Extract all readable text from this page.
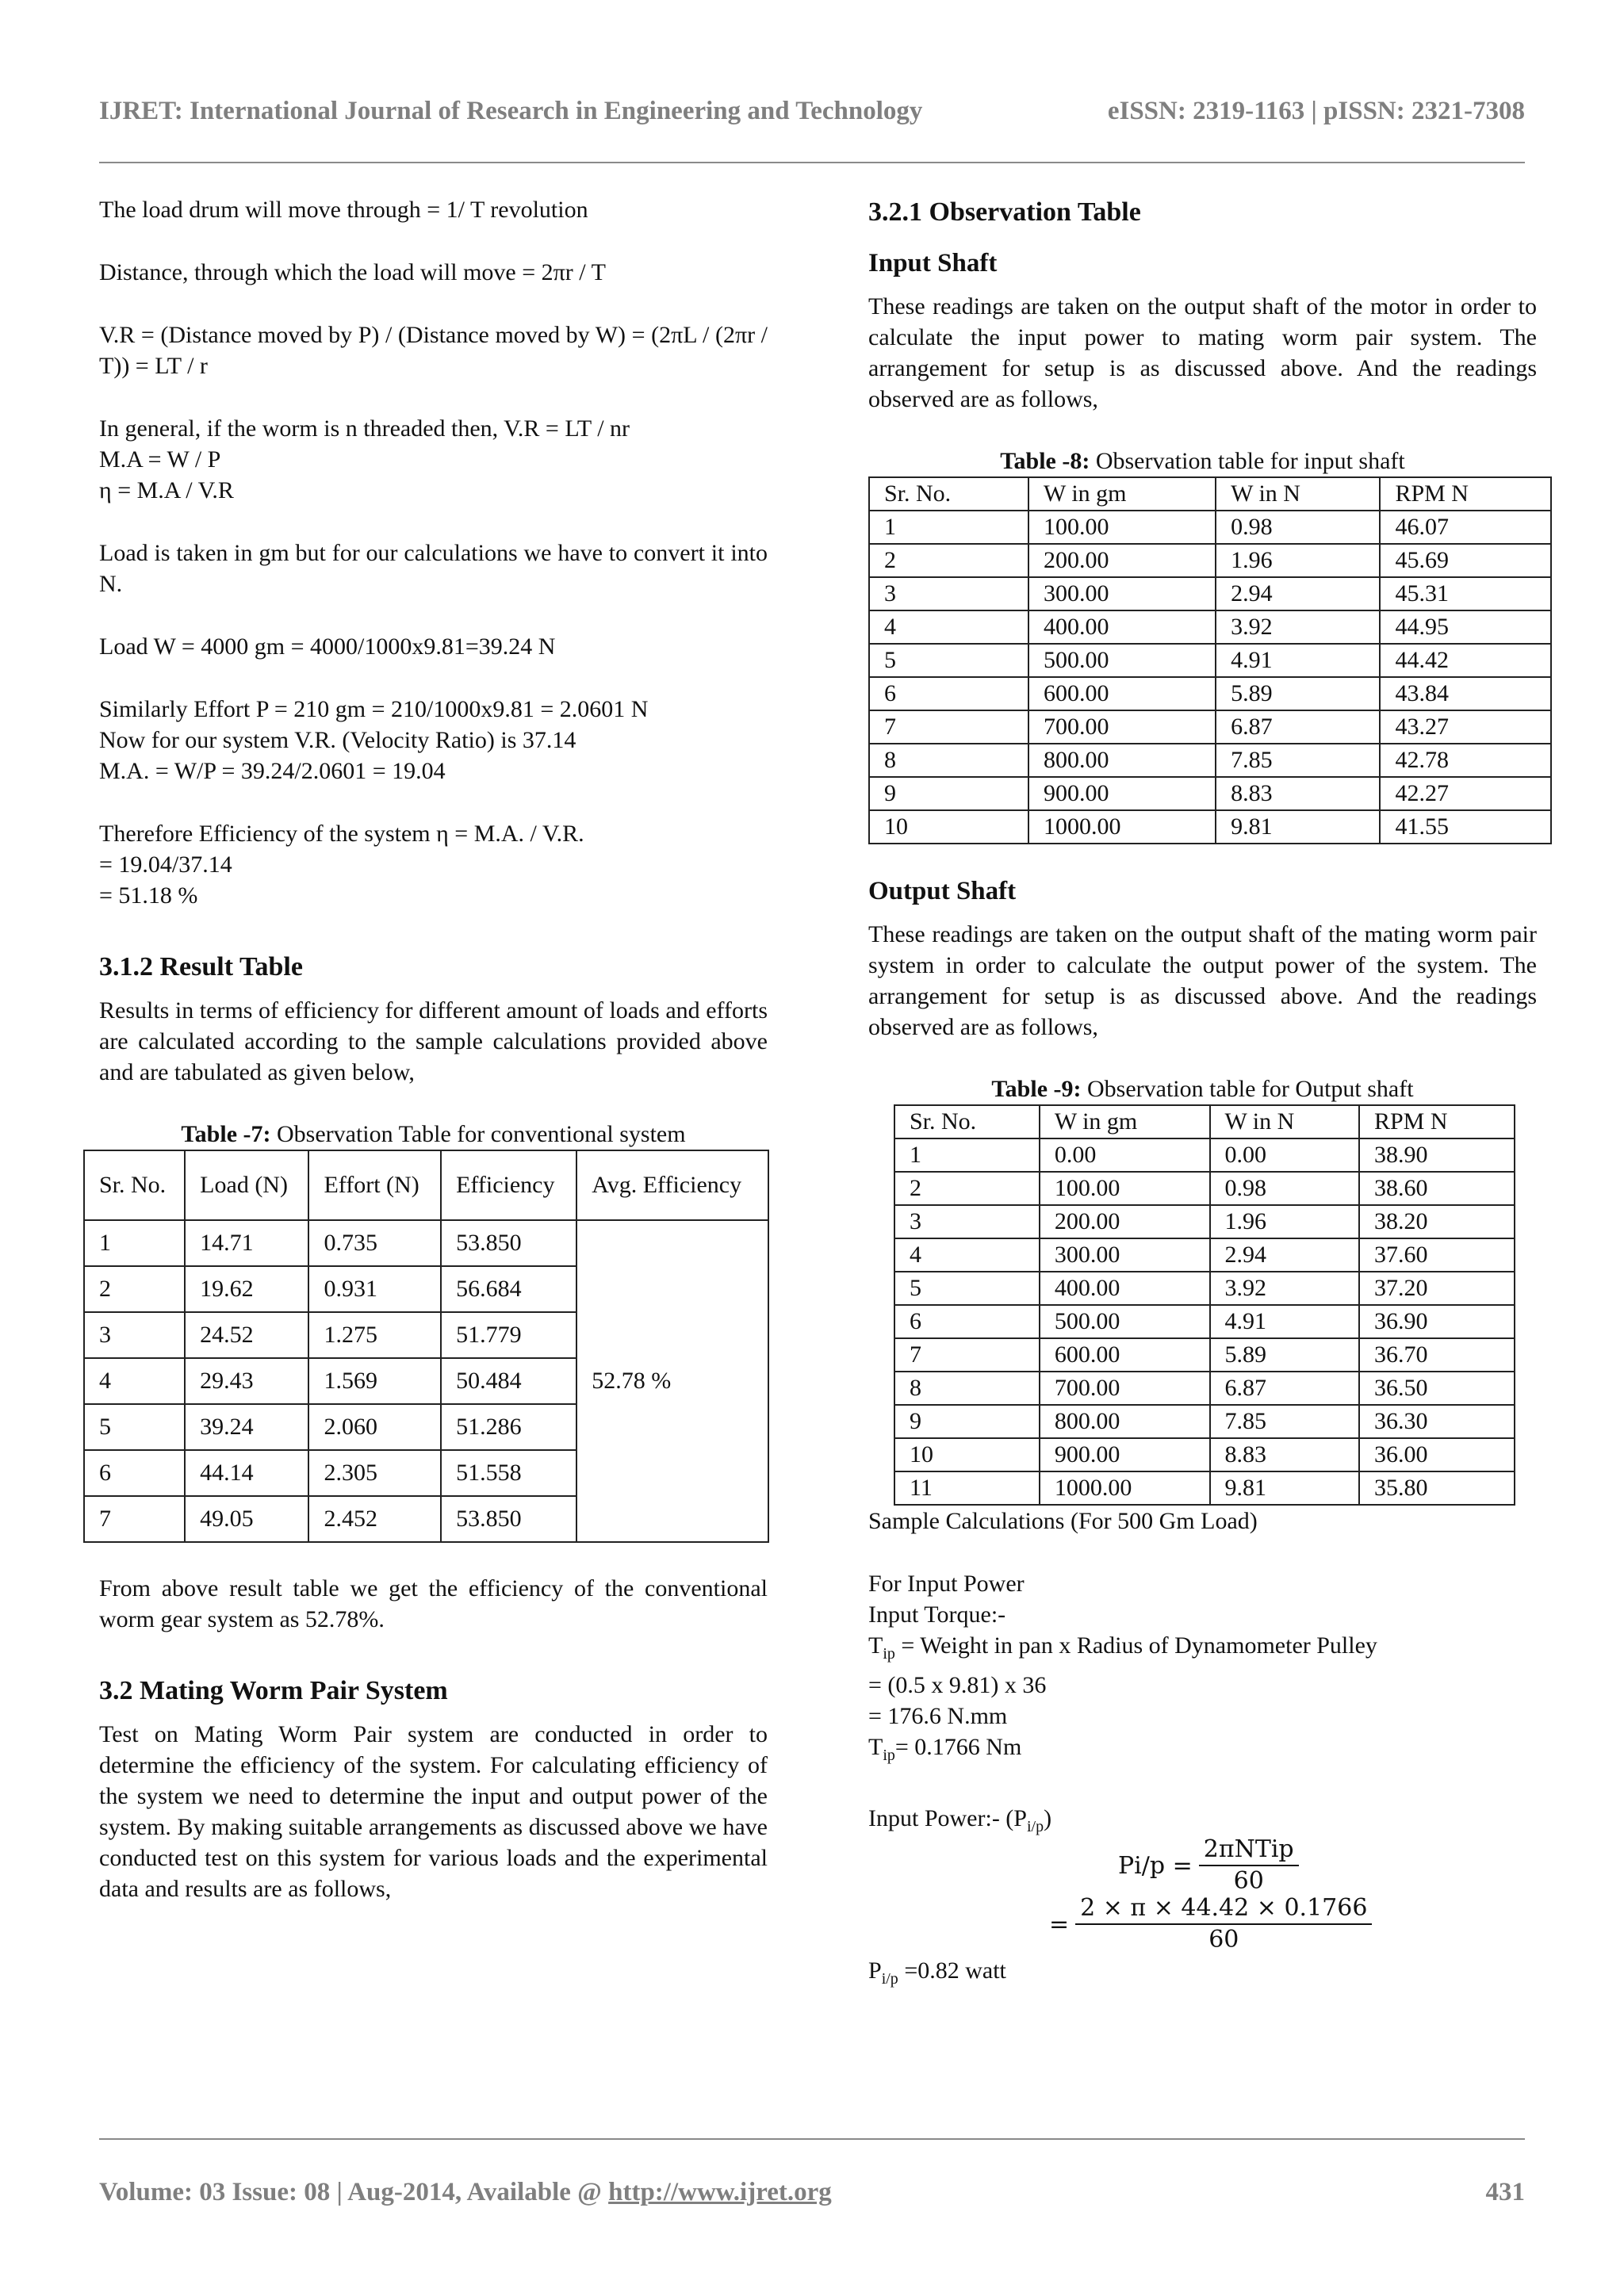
IJRET: International Journal of Research in Engineering and Technology	eISSN: 2319-1163 | pISSN: 2321-7308

The load drum will move through = 1/ T revolution

Distance, through which the load will move = 2πr / T

V.R = (Distance moved by P) / (Distance moved by W) = (2πL / (2πr / T)) = LT / r

In general, if the worm is n threaded then, V.R = LT / nr

M.A = W / P

η = M.A / V.R

Load is taken in gm but for our calculations we have to convert it into N.

Load W = 4000 gm = 4000/1000x9.81=39.24 N

Similarly Effort P = 210 gm = 210/1000x9.81 = 2.0601 N

Now for our system V.R. (Velocity Ratio) is 37.14

M.A. = W/P = 39.24/2.0601 = 19.04

Therefore Efficiency of the system η = M.A. / V.R.

= 19.04/37.14

= 51.18 %

3.1.2 Result Table

Results in terms of efficiency for different amount of loads and efforts are calculated according to the sample calculations provided above and are tabulated as given below,

Table -7: Observation Table for conventional system
Sr. No.	Load (N)	Effort (N)	Efficiency	Avg. Efficiency
1	14.71	0.735	53.850	52.78 %
2	19.62	0.931	56.684	
3	24.52	1.275	51.779	
4	29.43	1.569	50.484	
5	39.24	2.060	51.286	
6	44.14	2.305	51.558	
7	49.05	2.452	53.850	

From above result table we get the efficiency of the conventional worm gear system as 52.78%.

3.2 Mating Worm Pair System

Test on Mating Worm Pair system are conducted in order to determine the efficiency of the system. For calculating efficiency of the system we need to determine the input and output power of the system. By making suitable arrangements as discussed above we have conducted test on this system for various loads and the experimental data and results are as follows,

3.2.1 Observation Table
Input Shaft

These readings are taken on the output shaft of the motor in order to calculate the input power to mating worm pair system. The arrangement for setup is as discussed above. And the readings observed are as follows,

Table -8: Observation table for input shaft
Sr. No.	W in gm	W in N	RPM N
1	100.00	0.98	46.07
2	200.00	1.96	45.69
3	300.00	2.94	45.31
4	400.00	3.92	44.95
5	500.00	4.91	44.42
6	600.00	5.89	43.84
7	700.00	6.87	43.27
8	800.00	7.85	42.78
9	900.00	8.83	42.27
10	1000.00	9.81	41.55
Output Shaft

These readings are taken on the output shaft of the mating worm pair system in order to calculate the output power of the system. The arrangement for setup is as discussed above. And the readings observed are as follows,

Table -9: Observation table for Output shaft
Sr. No.	W in gm	W in N	RPM N
1	0.00	0.00	38.90
2	100.00	0.98	38.60
3	200.00	1.96	38.20
4	300.00	2.94	37.60
5	400.00	3.92	37.20
6	500.00	4.91	36.90
7	600.00	5.89	36.70
8	700.00	6.87	36.50
9	800.00	7.85	36.30
10	900.00	8.83	36.00
11	1000.00	9.81	35.80

Sample Calculations (For 500 Gm Load)

For Input Power

Input Torque:-

$T_{ip}$ = Weight in pan x Radius of Dynamometer Pulley

= (0.5 x 9.81) x 36

= 176.6 N.mm

$T_{ip}= 0.1766$ Nm

Input Power:- $(P_{i/p})$

$Pi/p = \frac{\text{2πNTip}}{60}$
= $\frac{2 \times \pi \times 44.42 \times 0.1766}{60}$

$P_{i/p} =0.82$ watt

Volume: 03 Issue: 08 | Aug-2014, Available @ http://www.ijret.org	431
